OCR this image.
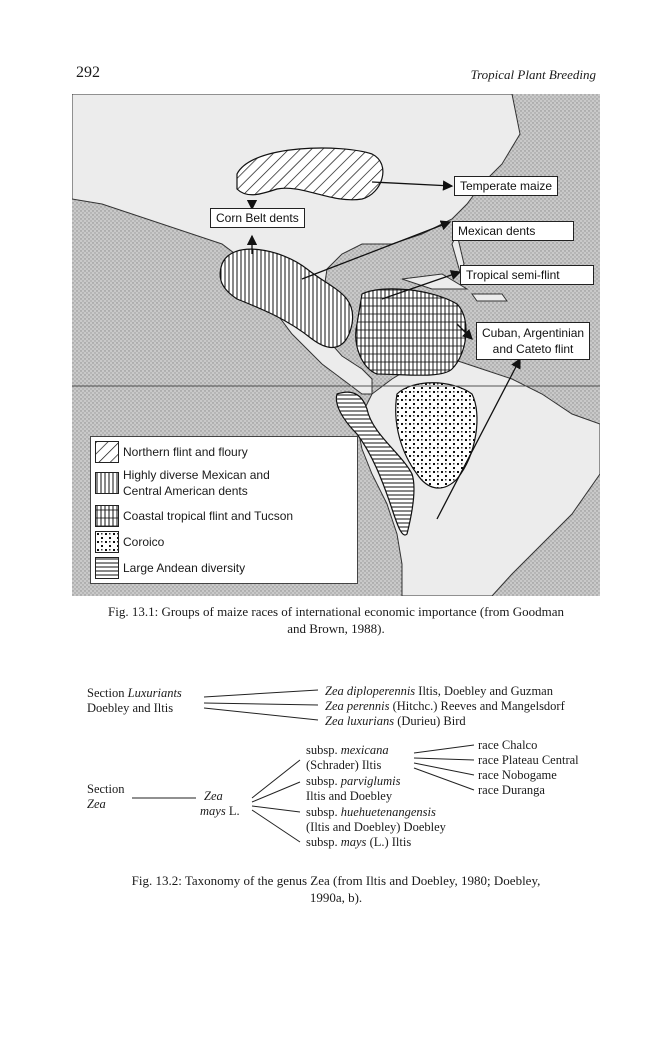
292	Tropical Plant Breeding
Temperate maize
Corn Belt dents
Mexican dents
Tropical semi-flint
Cuban, Argentinian
and Cateto flint
Northern flint and floury
Highly diverse Mexican and
Central American dents
Coastal tropical flint and Tucson
Coroico
Large Andean diversity
Fig. 13.1: Groups of maize races of international economic importance (from Goodman
and Brown, 1988).
Section Luxuriants
Doebley and Iltis
Zea diploperennis Iltis, Doebley and Guzman
Zea perennis (Hitchc.) Reeves and Mangelsdorf
Zea luxurians (Durieu) Bird
Section
Zea
Zea
mays L.
subsp. mexicana
(Schrader) Iltis
subsp. parviglumis
Iltis and Doebley
subsp. huehuetenangensis
(Iltis and Doebley) Doebley
subsp. mays (L.) Iltis
race Chalco
race Plateau Central
race Nobogame
race Duranga
Fig. 13.2: Taxonomy of the genus Zea (from Iltis and Doebley, 1980; Doebley,
1990a, b).
